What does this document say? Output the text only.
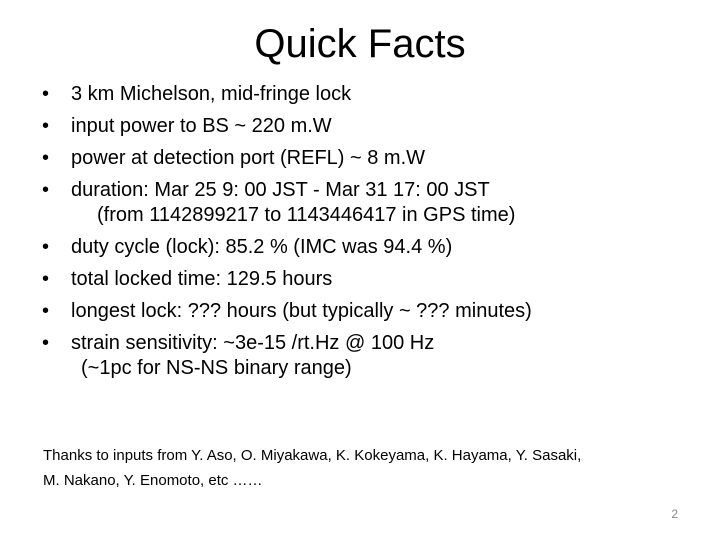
Quick Facts
• 3 km Michelson, mid-fringe lock
• input power to BS ~ 220 m.W
• power at detection port (REFL) ~ 8 m.W
• duration: Mar 25 9: 00 JST - Mar 31 17: 00 JST
(from 1142899217 to 1143446417 in GPS time)
• duty cycle (lock): 85.2 % (IMC was 94.4 %)
• total locked time: 129.5 hours
• longest lock: ??? hours (but typically ~ ??? minutes)
• strain sensitivity: ~3e-15 /rt.Hz @ 100 Hz
(~1pc for NS-NS binary range)
Thanks to inputs from Y. Aso, O. Miyakawa, K. Kokeyama, K. Hayama, Y. Sasaki,
M. Nakano, Y. Enomoto, etc ……
2
